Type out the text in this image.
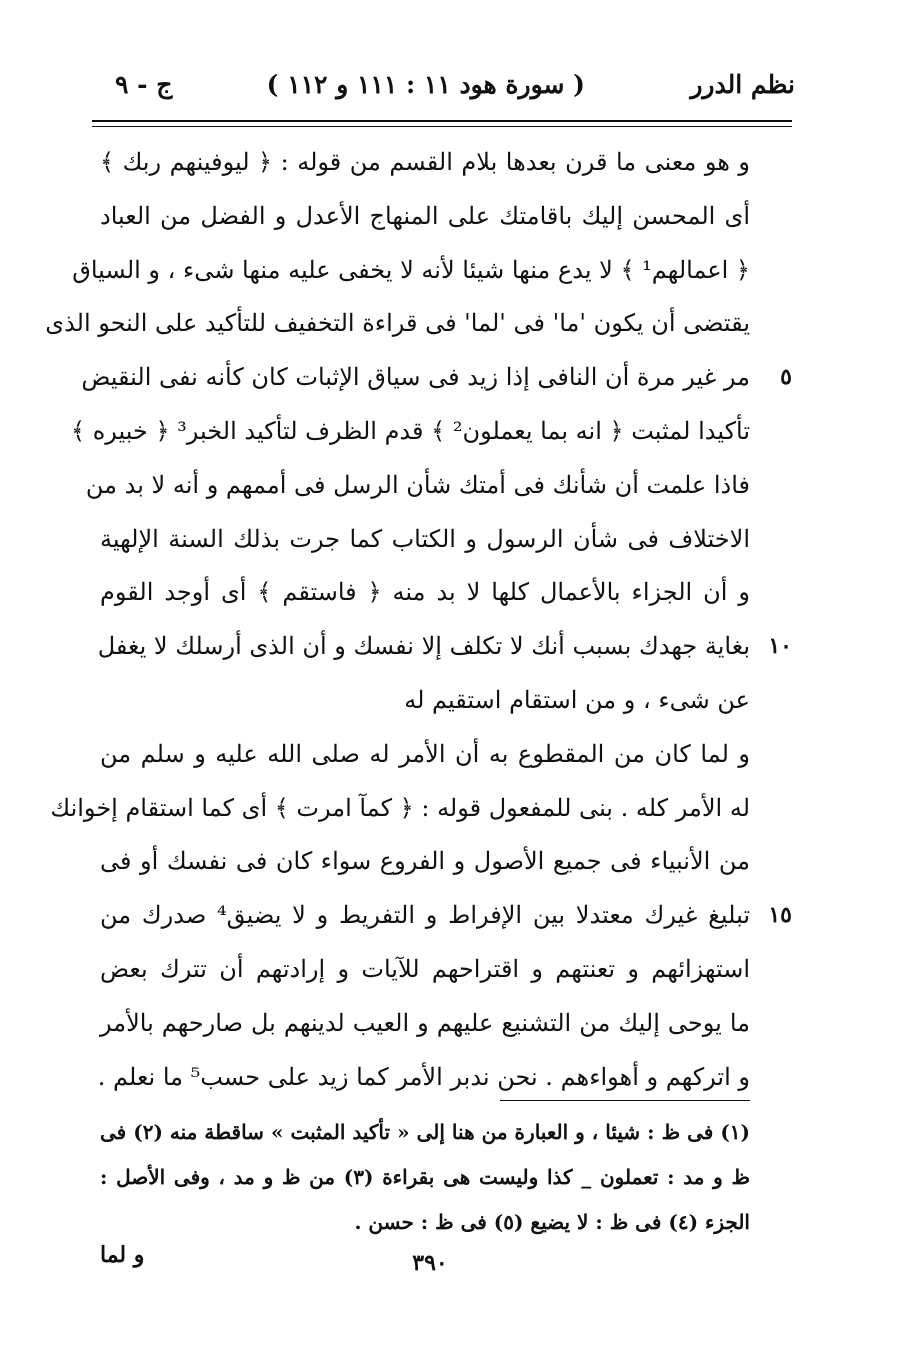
نظم الدرر
( سورة هود ١١ : ١١١ و ١١٢ )
ج - ٩
و هو معنى ما قرن بعدها بلام القسم من قوله : ﴿ ليوفينهم ربك ﴾
أى المحسن إليك باقامتك على المنهاج الأعدل و الفضل من العباد
﴿ اعمالهم¹ ﴾ لا يدع منها شيئا لأنه لا يخفى عليه منها شىء ، و السياق
يقتضى أن يكون 'ما' فى 'لما' فى قراءة التخفيف للتأكيد على النحو الذى
مر غير مرة أن النافى إذا زيد فى سياق الإثبات كان كأنه نفى النقيض ٥
تأكيدا لمثبت ﴿ انه بما يعملون² ﴾ قدم الظرف لتأكيد الخبر³ ﴿ خبيره ﴾
فاذا علمت أن شأنك فى أمتك شأن الرسل فى أممهم و أنه لا بد من
الاختلاف فى شأن الرسول و الكتاب كما جرت بذلك السنة الإلهية
و أن الجزاء بالأعمال كلها لا بد منه ﴿ فاستقم ﴾ أى أوجد القوم
بغاية جهدك بسبب أنك لا تكلف إلا نفسك و أن الذى أرسلك لا يغفل ١٠
عن شىء ، و من استقام استقيم له
و لما كان من المقطوع به أن الأمر له صلى الله عليه و سلم من
له الأمر كله . بنى للمفعول قوله : ﴿ كمآ امرت ﴾ أى كما استقام إخوانك
من الأنبياء فى جميع الأصول و الفروع سواء كان فى نفسك أو فى
تبليغ غيرك معتدلا بين الإفراط و التفريط و لا يضيق⁴ صدرك من ١٥
استهزائهم و تعنتهم و اقتراحهم للآيات و إرادتهم أن تترك بعض
ما يوحى إليك من التشنيع عليهم و العيب لدينهم بل صارحهم بالأمر
و اتركهم و أهواءهم . نحن ندبر الأمر كما زيد على حسب⁵ ما نعلم .
(١) فى ظ : شيئا ، و العبارة من هنا إلى « تأكيد المثبت » ساقطة منه (٢) فى
ظ و مد : تعملون _ كذا وليست هى بقراءة (٣) من ظ و مد ، وفى الأصل :
الجزء (٤) فى ظ : لا يضيع (٥) فى ظ : حسن .
و لما	٣٩٠
